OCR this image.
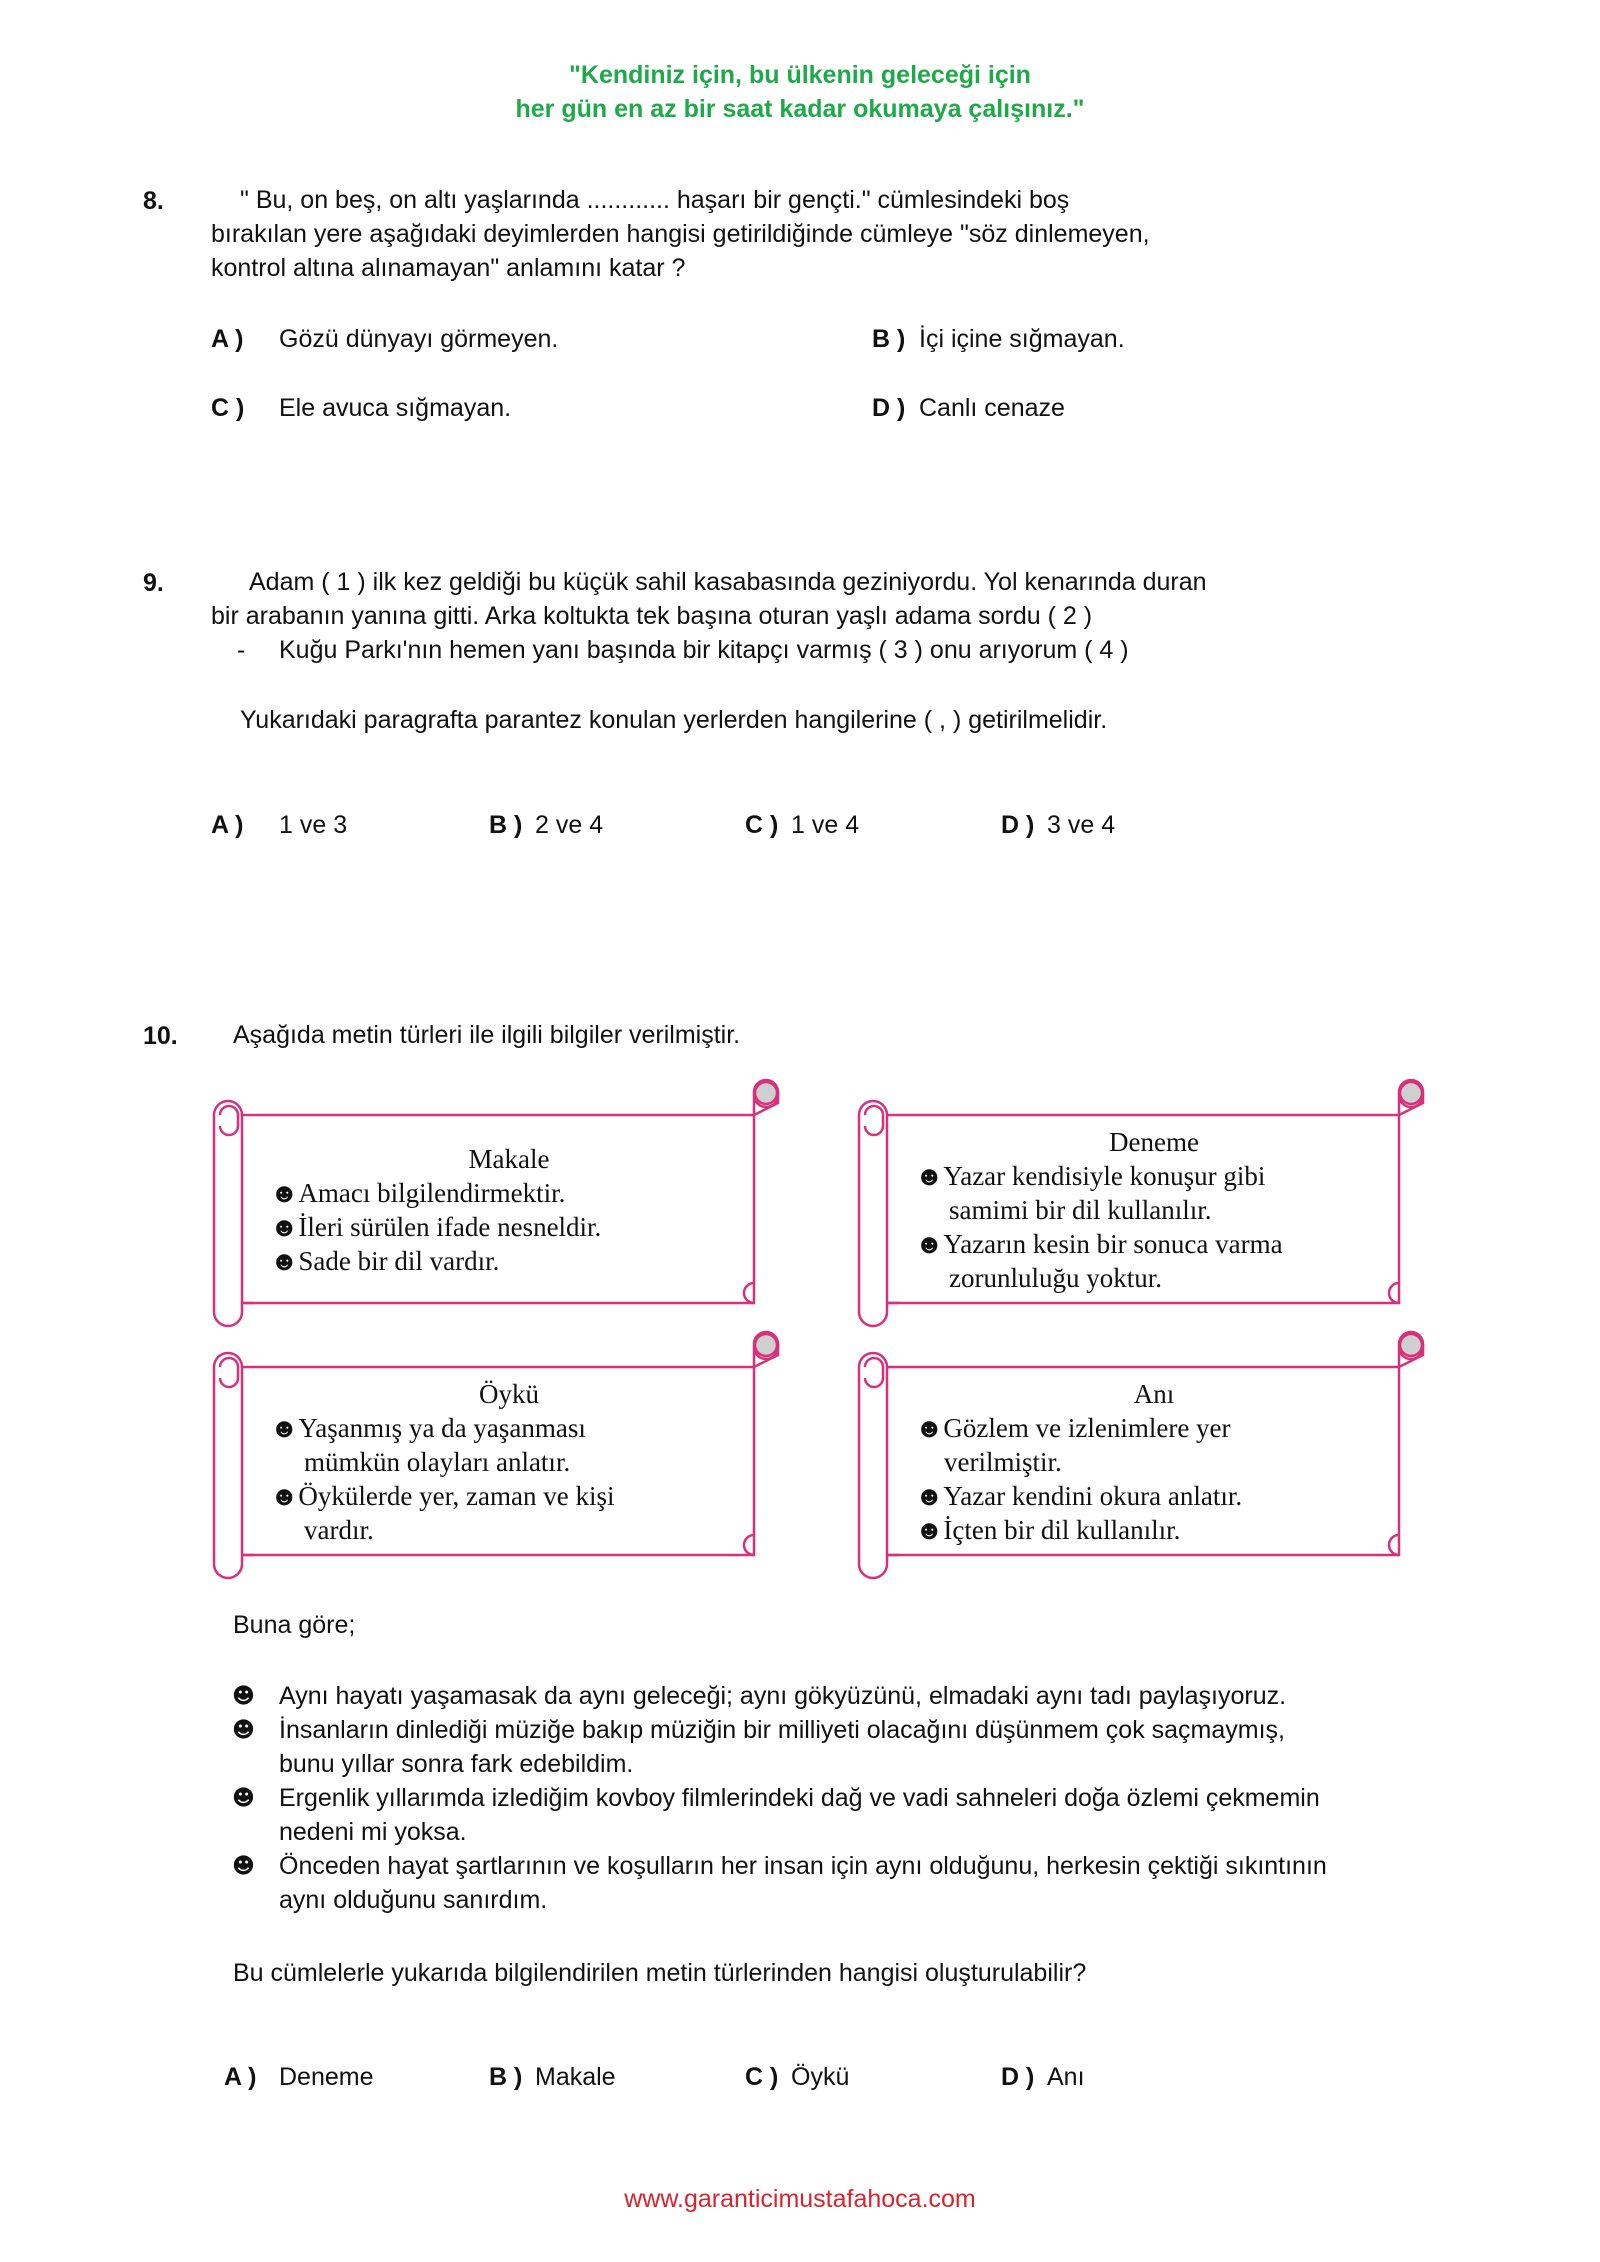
"Kendiniz için, bu ülkenin geleceği için
her gün en az bir saat kadar okumaya çalışınız."
8.	" Bu, on beş, on altı yaşlarında ............ haşarı bir gençti." cümlesindeki boş
bırakılan yere aşağıdaki deyimlerden hangisi getirildiğinde cümleye "söz dinlemeyen,
kontrol altına alınamayan" anlamını katar ?
A ) Gözü dünyayı görmeyen.	B ) İçi içine sığmayan.
C ) Ele avuca sığmayan.	D ) Canlı cenaze
9.	Adam ( 1 ) ilk kez geldiği bu küçük sahil kasabasında geziniyordu. Yol kenarında duran
bir arabanın yanına gitti. Arka koltukta tek başına oturan yaşlı adama sordu ( 2 )
- Kuğu Parkı'nın hemen yanı başında bir kitapçı varmış ( 3 ) onu arıyorum ( 4 )
Yukarıdaki paragrafta parantez konulan yerlerden hangilerine ( , ) getirilmelidir.
A ) 1 ve 3	B ) 2 ve 4	C ) 1 ve 4	D ) 3 ve 4
10. Aşağıda metin türleri ile ilgili bilgiler verilmiştir.
Makale
☻Amacı bilgilendirmektir.
☻İleri sürülen ifade nesneldir.
☻Sade bir dil vardır.
Deneme
☻Yazar kendisiyle konuşur gibi
samimi bir dil kullanılır.
☻Yazarın kesin bir sonuca varma
zorunluluğu yoktur.
Öykü
☻Yaşanmış ya da yaşanması
mümkün olayları anlatır.
☻Öykülerde yer, zaman ve kişi
vardır.
Anı
☻Gözlem ve izlenimlere yer
verilmiştir.
☻Yazar kendini okura anlatır.
☻İçten bir dil kullanılır.
Buna göre;
☻ Aynı hayatı yaşamasak da aynı geleceği; aynı gökyüzünü, elmadaki aynı tadı paylaşıyoruz.
☻ İnsanların dinlediği müziğe bakıp müziğin bir milliyeti olacağını düşünmem çok saçmaymış,
bunu yıllar sonra fark edebildim.
☻ Ergenlik yıllarımda izlediğim kovboy filmlerindeki dağ ve vadi sahneleri doğa özlemi çekmemin
nedeni mi yoksa.
☻ Önceden hayat şartlarının ve koşulların her insan için aynı olduğunu, herkesin çektiği sıkıntının
aynı olduğunu sanırdım.
Bu cümlelerle yukarıda bilgilendirilen metin türlerinden hangisi oluşturulabilir?
A ) Deneme	B ) Makale	C ) Öykü	D ) Anı
www.garanticimustafahoca.com
